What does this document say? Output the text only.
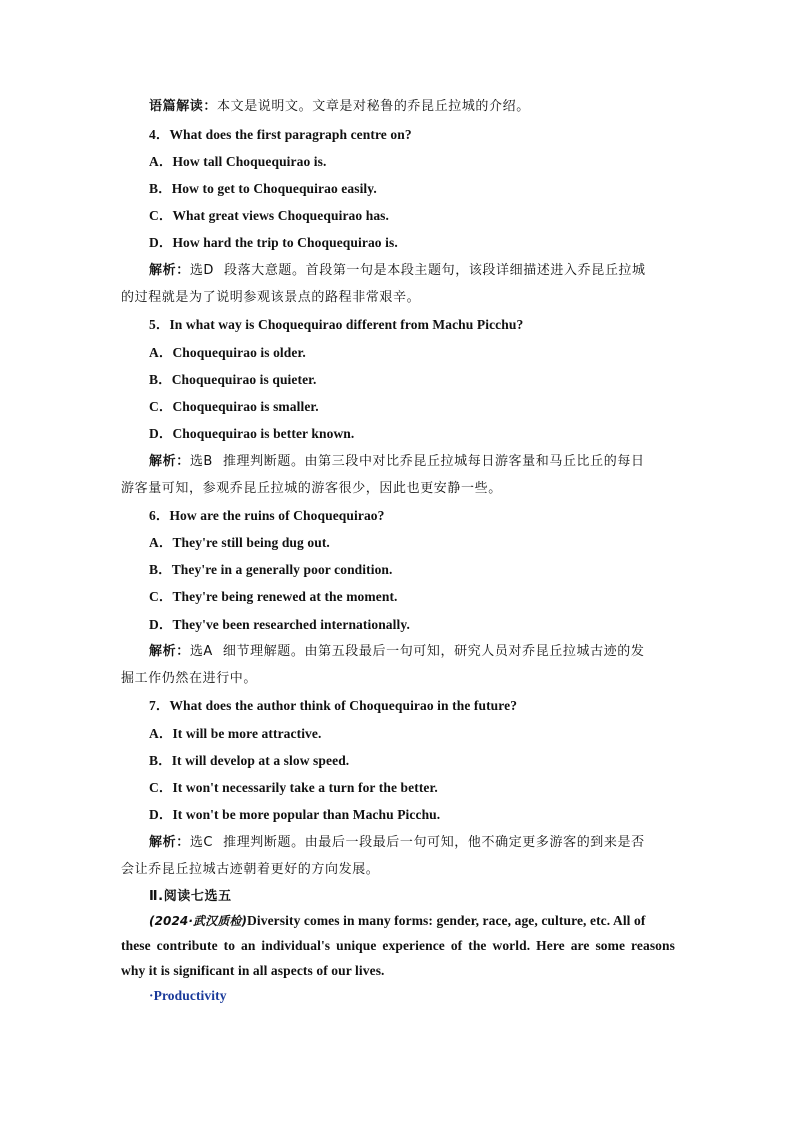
语篇解读：本文是说明文。文章是对秘鲁的乔昆丘拉城的介绍。
4．What does the first paragraph centre on?
A．How tall Choquequirao is.
B．How to get to Choquequirao easily.
C．What great views Choquequirao has.
D．How hard the trip to Choquequirao is.
解析：选D 段落大意题。首段第一句是本段主题句，该段详细描述进入乔昆丘拉城
的过程就是为了说明参观该景点的路程非常艰辛。
5．In what way is Choquequirao different from Machu Picchu?
A．Choquequirao is older.
B．Choquequirao is quieter.
C．Choquequirao is smaller.
D．Choquequirao is better known.
解析：选B 推理判断题。由第三段中对比乔昆丘拉城每日游客量和马丘比丘的每日
游客量可知，参观乔昆丘拉城的游客很少，因此也更安静一些。
6．How are the ruins of Choquequirao?
A．They're still being dug out.
B．They're in a generally poor condition.
C．They're being renewed at the moment.
D．They've been researched internationally.
解析：选A 细节理解题。由第五段最后一句可知，研究人员对乔昆丘拉城古迹的发
掘工作仍然在进行中。
7．What does the author think of Choquequirao in the future?
A．It will be more attractive.
B．It will develop at a slow speed.
C．It won't necessarily take a turn for the better.
D．It won't be more popular than Machu Picchu.
解析：选C 推理判断题。由最后一段最后一句可知，他不确定更多游客的到来是否
会让乔昆丘拉城古迹朝着更好的方向发展。
Ⅱ.阅读七选五
(2024·武汉质检)Diversity comes in many forms: gender, race, age, culture, etc. All of
these contribute to an individual's unique experience of the world. Here are some reasons
why it is significant in all aspects of our lives.
·Productivity
